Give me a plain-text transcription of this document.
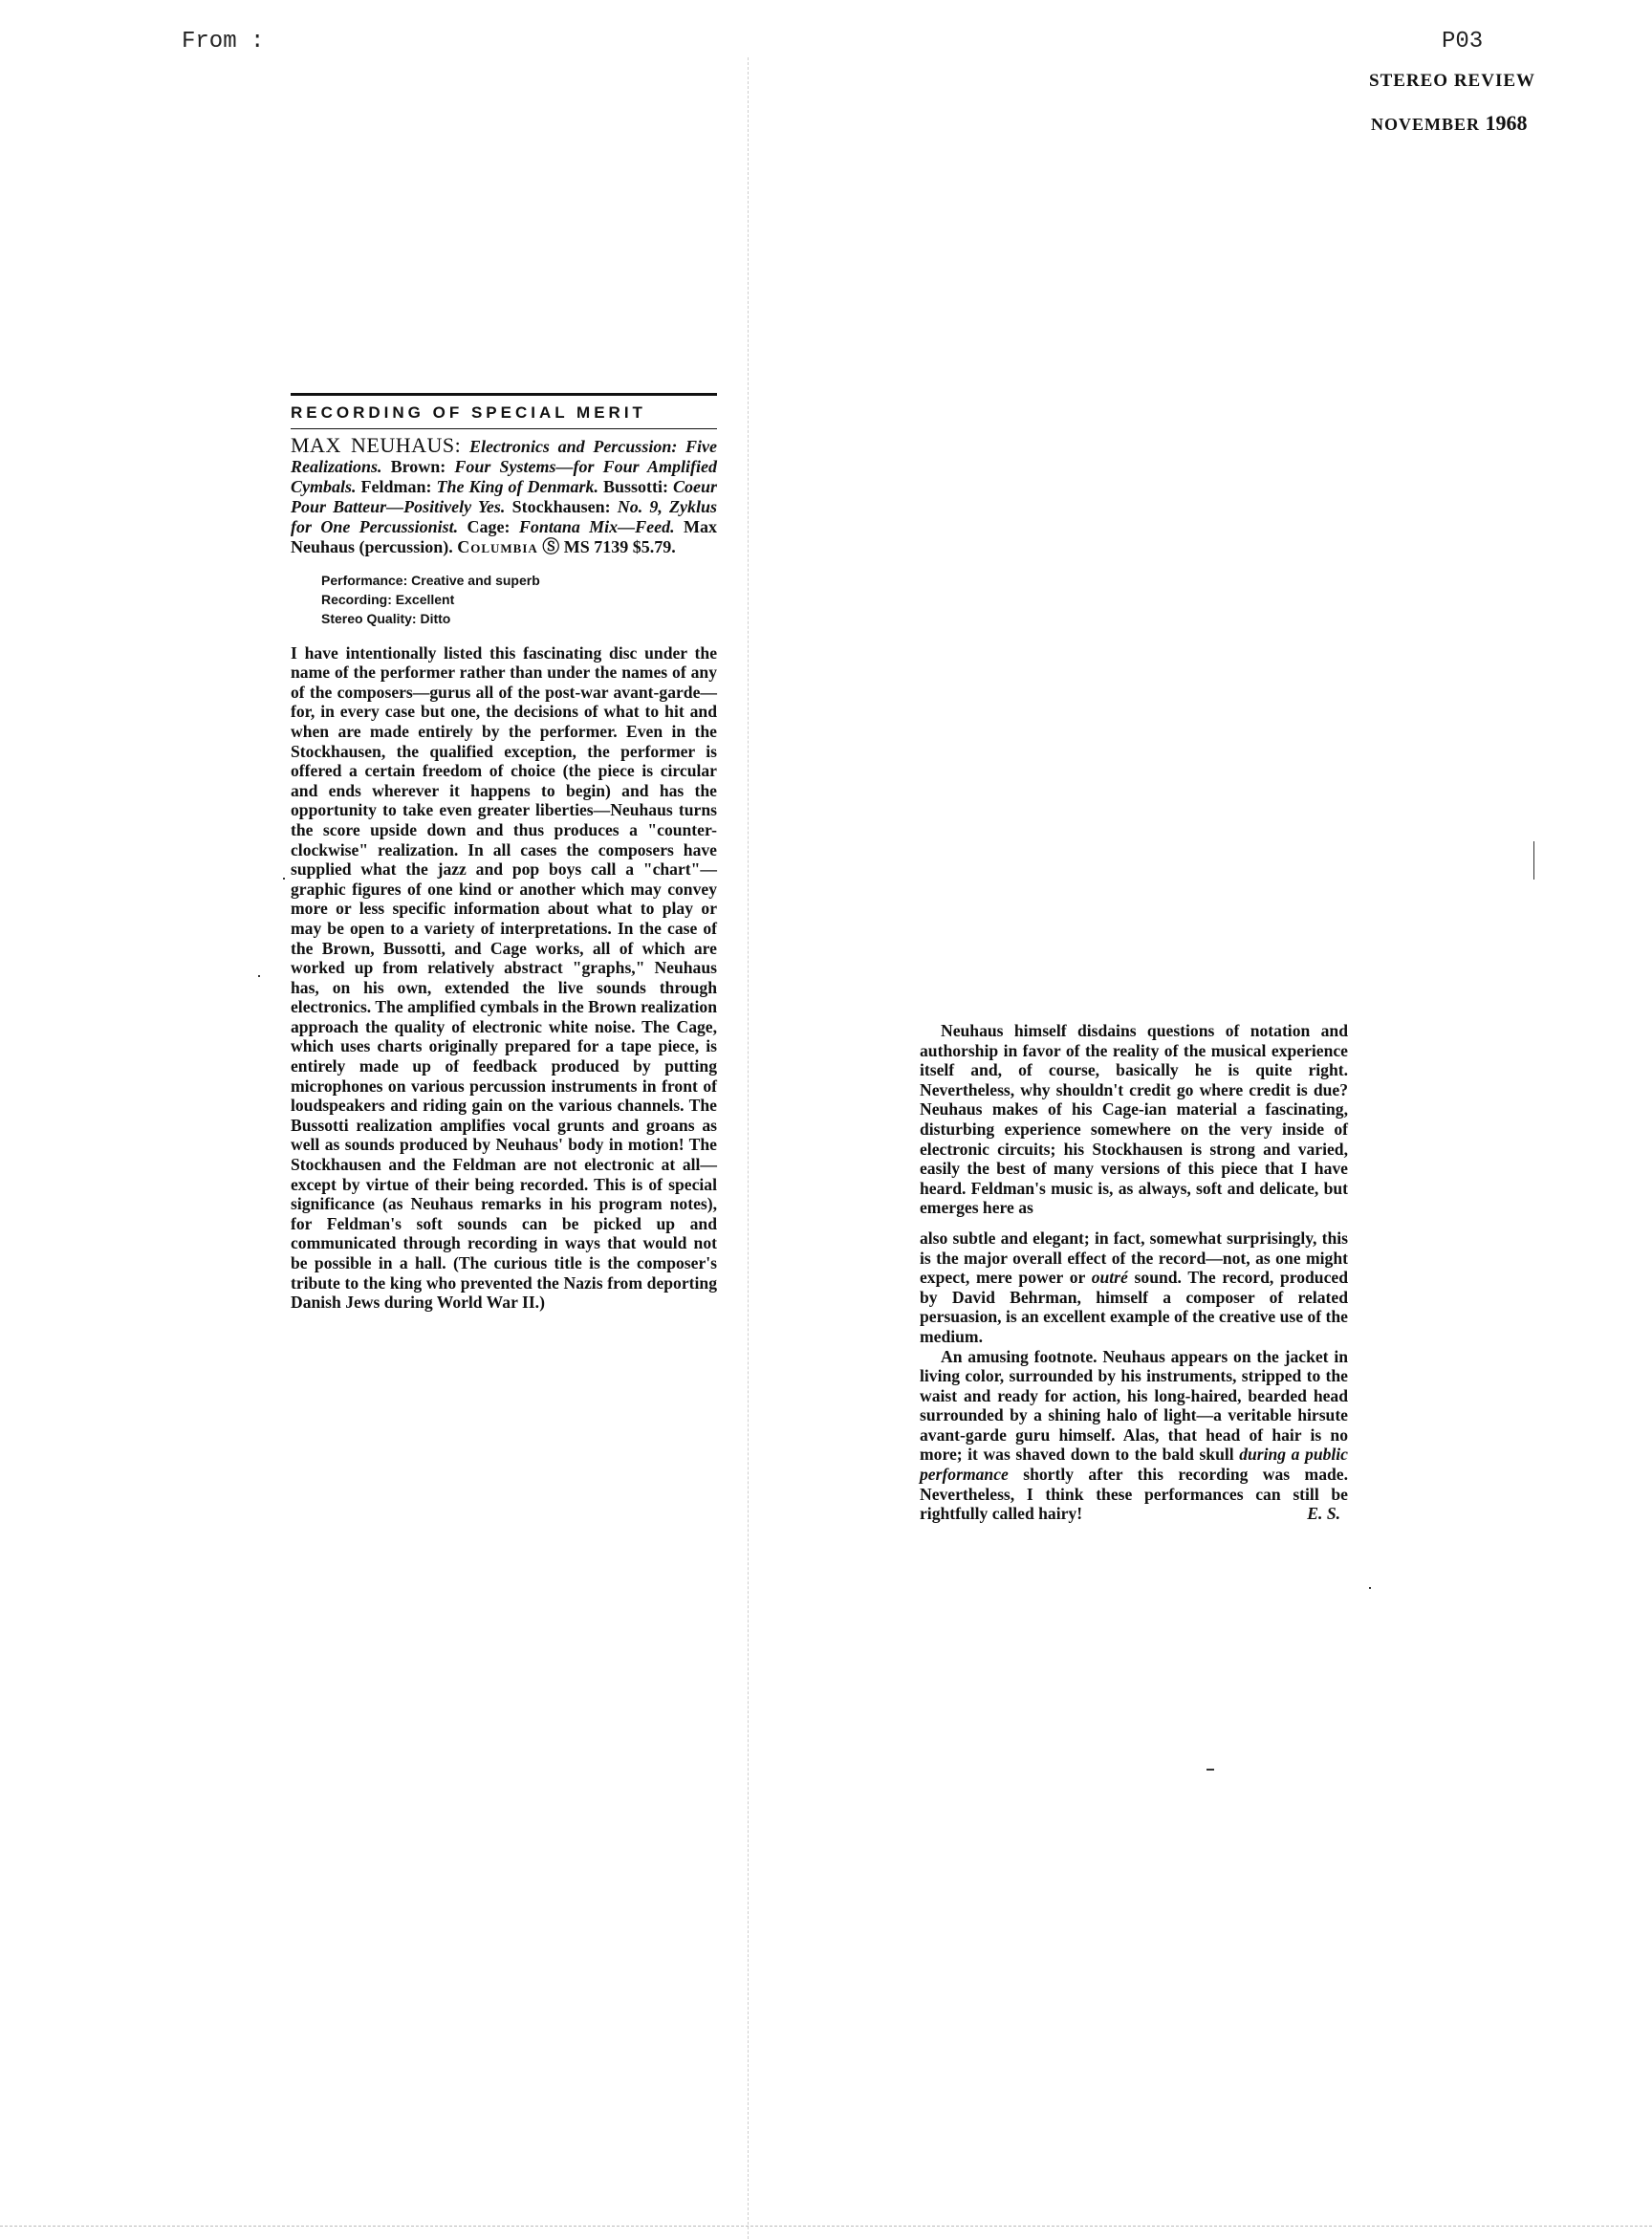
From :	P03
STEREO REVIEW
NOVEMBER 1968
RECORDING OF SPECIAL MERIT
MAX NEUHAUS: Electronics and Percussion: Five Realizations. Brown: Four Systems—for Four Amplified Cymbals. Feldman: The King of Denmark. Bussotti: Coeur Pour Batteur—Positively Yes. Stockhausen: No. 9, Zyklus for One Percussionist. Cage: Fontana Mix—Feed. Max Neuhaus (percussion). Columbia Ⓢ MS 7139 $5.79.
Performance: Creative and superb
Recording: Excellent
Stereo Quality: Ditto

I have intentionally listed this fascinating disc under the name of the performer rather than under the names of any of the composers—gurus all of the post-war avant-garde—for, in every case but one, the decisions of what to hit and when are made entirely by the performer. Even in the Stockhausen, the qualified exception, the performer is offered a certain freedom of choice (the piece is circular and ends wherever it happens to begin) and has the opportunity to take even greater liberties—Neuhaus turns the score upside down and thus produces a "counter-clockwise" realization. In all cases the composers have supplied what the jazz and pop boys call a "chart"—graphic figures of one kind or another which may convey more or less specific information about what to play or may be open to a variety of interpretations. In the case of the Brown, Bussotti, and Cage works, all of which are worked up from relatively abstract "graphs," Neuhaus has, on his own, extended the live sounds through electronics. The amplified cymbals in the Brown realization approach the quality of electronic white noise. The Cage, which uses charts originally prepared for a tape piece, is entirely made up of feedback produced by putting microphones on various percussion instruments in front of loudspeakers and riding gain on the various channels. The Bussotti realization amplifies vocal grunts and groans as well as sounds produced by Neuhaus' body in motion! The Stockhausen and the Feldman are not electronic at all—except by virtue of their being recorded. This is of special significance (as Neuhaus remarks in his program notes), for Feldman's soft sounds can be picked up and communicated through recording in ways that would not be possible in a hall. (The curious title is the composer's tribute to the king who prevented the Nazis from deporting Danish Jews during World War II.)

Neuhaus himself disdains questions of notation and authorship in favor of the reality of the musical experience itself and, of course, basically he is quite right. Nevertheless, why shouldn't credit go where credit is due? Neuhaus makes of his Cage-ian material a fascinating, disturbing experience somewhere on the very inside of electronic circuits; his Stockhausen is strong and varied, easily the best of many versions of this piece that I have heard. Feldman's music is, as always, soft and delicate, but emerges here as

also subtle and elegant; in fact, somewhat surprisingly, this is the major overall effect of the record—not, as one might expect, mere power or outré sound. The record, produced by David Behrman, himself a composer of related persuasion, is an excellent example of the creative use of the medium.

An amusing footnote. Neuhaus appears on the jacket in living color, surrounded by his instruments, stripped to the waist and ready for action, his long-haired, bearded head surrounded by a shining halo of light—a veritable hirsute avant-garde guru himself. Alas, that head of hair is no more; it was shaved down to the bald skull during a public performance shortly after this recording was made. Nevertheless, I think these performances can still be rightfully called hairy!	E. S.
